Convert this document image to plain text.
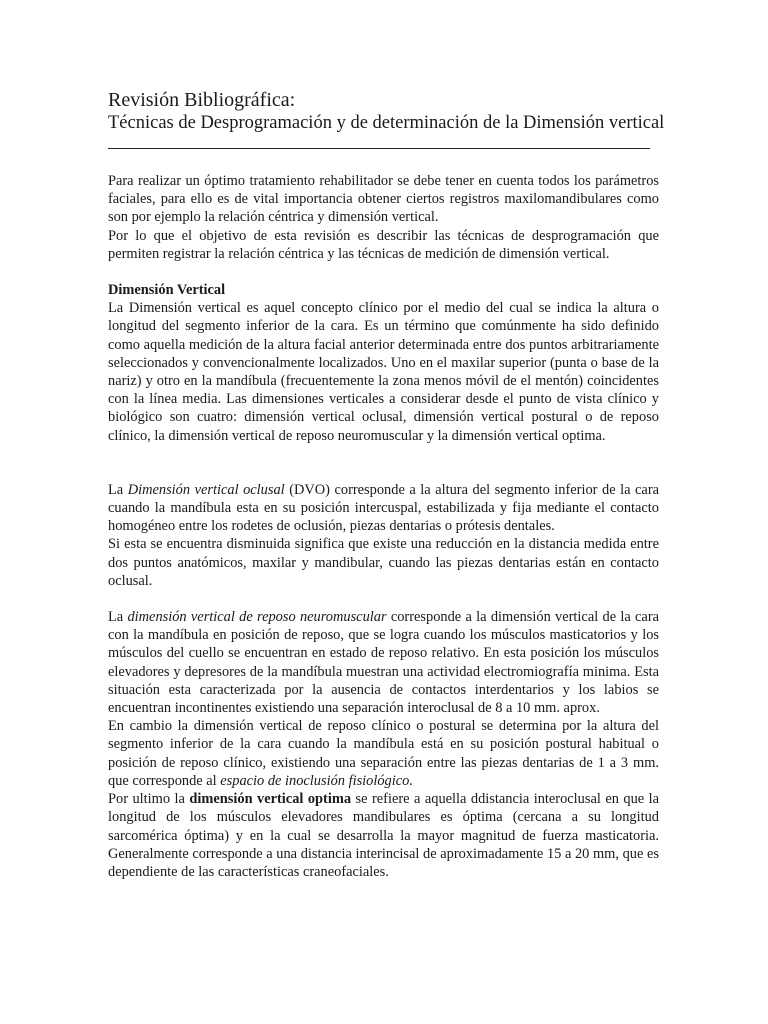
Revisión Bibliográfica:
Técnicas de Desprogramación y de determinación de la Dimensión vertical

Para realizar un óptimo tratamiento rehabilitador se debe tener en cuenta todos los parámetros faciales, para ello es de vital importancia obtener ciertos registros maxilomandibulares como son por ejemplo la relación céntrica y dimensión vertical.

Por lo que el objetivo de esta revisión es describir las técnicas de desprogramación que permiten registrar la relación céntrica y las técnicas de medición de dimensión vertical.

Dimensión Vertical

La Dimensión vertical es aquel concepto clínico por el medio del cual se indica la altura o longitud del segmento inferior de la cara. Es un término que comúnmente ha sido definido como aquella medición de la altura facial anterior determinada entre dos puntos arbitrariamente seleccionados y convencionalmente localizados. Uno en el maxilar superior (punta o base de la nariz) y otro en la mandíbula (frecuentemente la zona menos móvil de el mentón) coincidentes con la línea media. Las dimensiones verticales a considerar desde el punto de vista clínico y biológico son cuatro: dimensión vertical oclusal, dimensión vertical postural o de reposo clínico, la dimensión vertical de reposo neuromuscular y la dimensión vertical optima.

La Dimensión vertical oclusal (DVO) corresponde a la altura del segmento inferior de la cara cuando la mandíbula esta en su posición intercuspal, estabilizada y fija mediante el contacto homogéneo entre los rodetes de oclusión, piezas dentarias o prótesis dentales.

Si esta se encuentra disminuida significa que existe una reducción en la distancia medida entre dos puntos anatómicos, maxilar y mandibular, cuando las piezas dentarias están en contacto oclusal.

La dimensión vertical de reposo neuromuscular corresponde a la dimensión vertical de la cara con la mandíbula en posición de reposo, que se logra cuando los músculos masticatorios y los músculos del cuello se encuentran en estado de reposo relativo. En esta posición los músculos elevadores y depresores de la mandíbula muestran una actividad electromiografía minima. Esta situación esta caracterizada por la ausencia de contactos interdentarios y los labios se encuentran incontinentes existiendo una separación interoclusal de 8 a 10 mm. aprox.

En cambio la dimensión vertical de reposo clínico o postural se determina por la altura del segmento inferior de la cara cuando la mandíbula está en su posición postural habitual o posición de reposo clínico, existiendo una separación entre las piezas dentarias de 1 a 3 mm. que corresponde al espacio de inoclusión fisiológico.

Por ultimo la dimensión vertical optima se refiere a aquella ddistancia interoclusal en que la longitud de los músculos elevadores mandibulares es óptima (cercana a su longitud sarcomérica óptima) y en la cual se desarrolla la mayor magnitud de fuerza masticatoria. Generalmente corresponde a una distancia interincisal de aproximadamente 15 a 20 mm, que es dependiente de las características craneofaciales.
